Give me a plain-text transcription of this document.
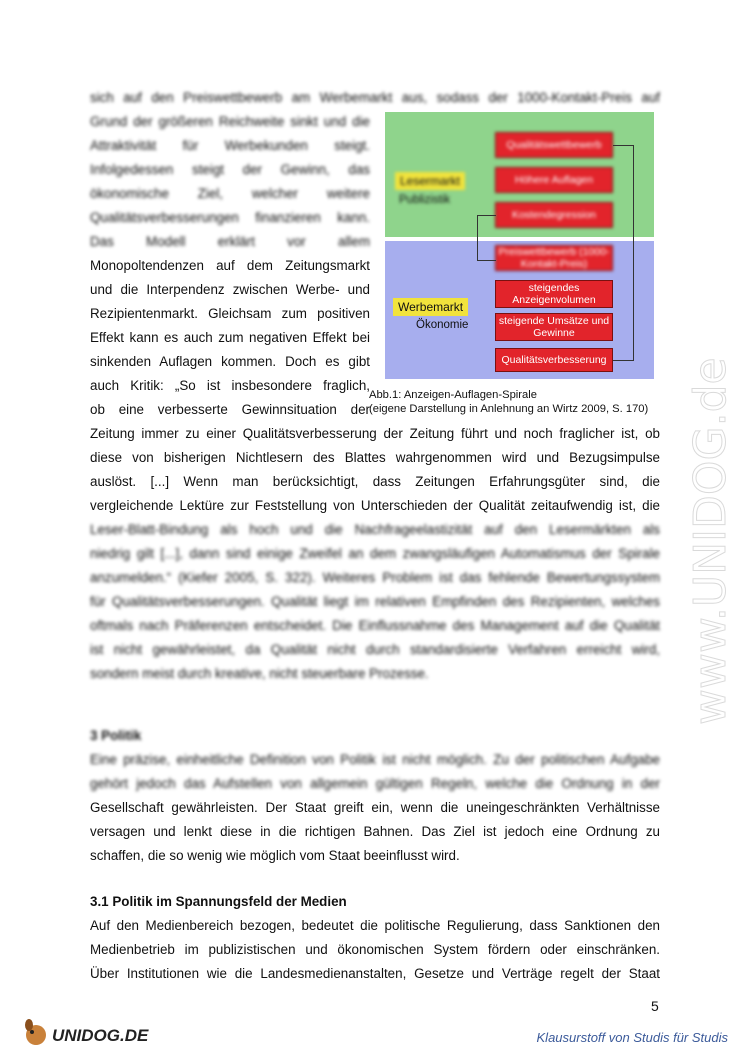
sich auf den Preiswettbewerb am Werbemarkt aus, sodass der 1000-Kontakt-Preis auf
Grund der größeren Reichweite sinkt und die
Attraktivität für Werbekunden steigt.
Infolgedessen steigt der Gewinn, das
ökonomische Ziel, welcher weitere
Qualitätsverbesserungen finanzieren kann.
Das Modell erklärt vor allem
Monopoltendenzen auf dem Zeitungsmarkt
und die Interpendenz zwischen Werbe- und
Rezipientenmarkt. Gleichsam zum positiven
Effekt kann es auch zum negativen Effekt bei
sinkenden Auflagen kommen. Doch es gibt
auch Kritik: „So ist insbesondere fraglich,
ob eine verbesserte Gewinnsituation der
Zeitung immer zu einer Qualitätsverbesserung der Zeitung führt und noch fraglicher ist, ob
diese von bisherigen Nichtlesern des Blattes wahrgenommen wird und Bezugsimpulse
auslöst. [...] Wenn man berücksichtigt, dass Zeitungen Erfahrungsgüter sind, die
vergleichende Lektüre zur Feststellung von Unterschieden der Qualität zeitaufwendig ist, die
Leser-Blatt-Bindung als hoch und die Nachfrageelastizität auf den Lesermärkten als
niedrig gilt [...], dann sind einige Zweifel an dem zwangsläufigen Automatismus der Spirale
anzumelden.“ (Kiefer 2005, S. 322). Weiteres Problem ist das fehlende Bewertungssystem
für Qualitätsverbesserungen. Qualität liegt im relativen Empfinden des Rezipienten, welches
oftmals nach Präferenzen entscheidet. Die Einflussnahme des Management auf die Qualität
ist nicht gewährleistet, da Qualität nicht durch standardisierte Verfahren erreicht wird,
sondern meist durch kreative, nicht steuerbare Prozesse.
3 Politik
Eine präzise, einheitliche Definition von Politik ist nicht möglich. Zu der politischen Aufgabe
gehört jedoch das Aufstellen von allgemein gültigen Regeln, welche die Ordnung in der
Gesellschaft gewährleisten. Der Staat greift ein, wenn die uneingeschränkten Verhältnisse
versagen und lenkt diese in die richtigen Bahnen. Das Ziel ist jedoch eine Ordnung zu
schaffen, die so wenig wie möglich vom Staat beeinflusst wird.
3.1 Politik im Spannungsfeld der Medien
Auf den Medienbereich bezogen, bedeutet die politische Regulierung, dass Sanktionen den
Medienbetrieb im publizistischen und ökonomischen System fördern oder einschränken.
Über Institutionen wie die Landesmedienanstalten, Gesetze und Verträge regelt der Staat
Lesermarkt
Publizistik
Werbemarkt
Ökonomie
Qualitätswettbewerb
Höhere Auflagen
Kostendegression
Preiswettbewerb (1000-Kontakt-Preis)
steigendes Anzeigenvolumen
steigende Umsätze und Gewinne
Qualitätsverbesserung
Abb.1: Anzeigen-Auflagen-Spirale
(eigene Darstellung in Anlehnung an Wirtz 2009, S. 170)
5
UNIDOG.DE	Klausurstoff von Studis für Studis
www.UNIDOG.de
